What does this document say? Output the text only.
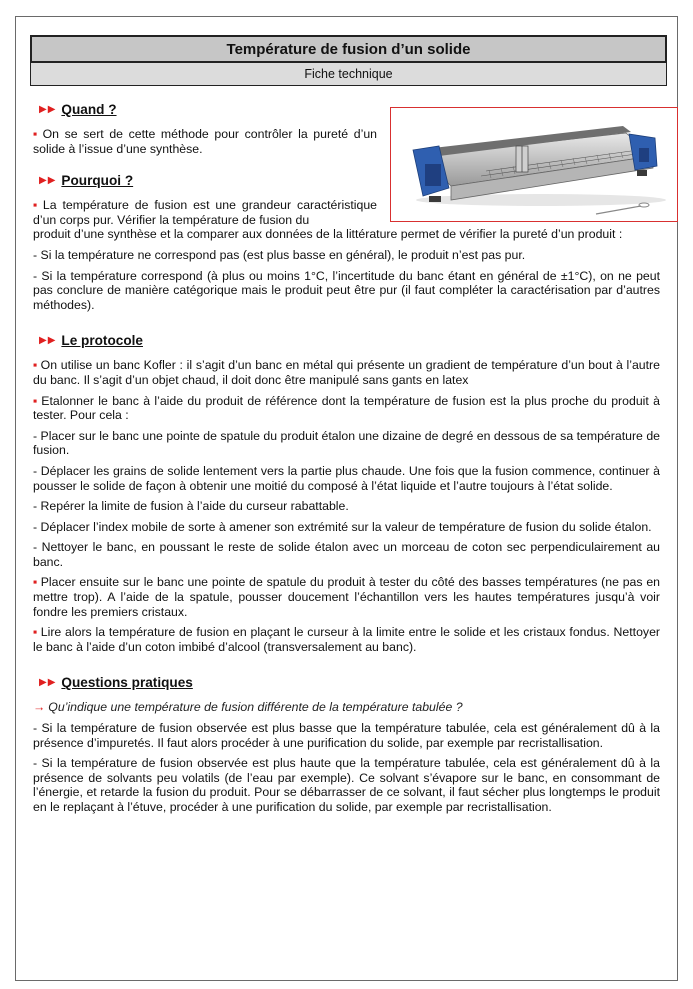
Température de fusion d’un solide
Fiche technique
▶▶ Quand ?

▪ On se sert de cette méthode pour contrôler la pureté d’un solide à l’issue d’une synthèse.

▶▶ Pourquoi ?

▪ La température de fusion est une grandeur caractéristique d’un corps pur. Vérifier la température de fusion du

produit d’une synthèse et la comparer aux données de la littérature permet de vérifier la pureté d’un produit :

- Si la température ne correspond pas (est plus basse en général), le produit n’est pas pur.

- Si la température correspond (à plus ou moins 1°C, l’incertitude du banc étant en général de ±1°C), on ne peut pas conclure de manière catégorique mais le produit peut être pur (il faut compléter la caractérisation par d’autres méthodes).

▶▶ Le protocole

▪ On utilise un banc Kofler : il s’agit d’un banc en métal qui présente un gradient de température d’un bout à l’autre du banc. Il s’agit d’un objet chaud, il doit donc être manipulé sans gants en latex

▪ Etalonner le banc à l’aide du produit de référence dont la température de fusion est la plus proche du produit à tester. Pour cela :

- Placer sur le banc une pointe de spatule du produit étalon une dizaine de degré en dessous de sa température de fusion.

- Déplacer les grains de solide lentement vers la partie plus chaude. Une fois que la fusion commence, continuer à pousser le solide de façon à obtenir une moitié du composé à l’état liquide et l’autre toujours à l’état solide.

- Repérer la limite de fusion à l’aide du curseur rabattable.

- Déplacer l’index mobile de sorte à amener son extrémité sur la valeur de température de fusion du solide étalon.

- Nettoyer le banc, en poussant le reste de solide étalon avec un morceau de coton sec perpendiculairement au banc.

▪ Placer ensuite sur le banc une pointe de spatule du produit à tester du côté des basses températures (ne pas en mettre trop). A l’aide de la spatule, pousser doucement l’échantillon vers les hautes températures jusqu’à voir fondre les premiers cristaux.

▪ Lire alors la température de fusion en plaçant le curseur à la limite entre le solide et les cristaux fondus. Nettoyer le banc à l’aide d’un coton imbibé d’alcool (transversalement au banc).

▶▶ Questions pratiques

→ Qu’indique une température de fusion différente de la température tabulée ?

- Si la température de fusion observée est plus basse que la température tabulée, cela est généralement dû à la présence d’impuretés. Il faut alors procéder à une purification du solide, par exemple par recristallisation.

- Si la température de fusion observée est plus haute que la température tabulée, cela est généralement dû à la présence de solvants peu volatils (de l’eau par exemple). Ce solvant s’évapore sur le banc, en consommant de l’énergie, et retarde la fusion du produit. Pour se débarrasser de ce solvant, il faut sécher plus longtemps le produit en le replaçant à l’étuve, procéder à une purification du solide, par exemple par recristallisation.
